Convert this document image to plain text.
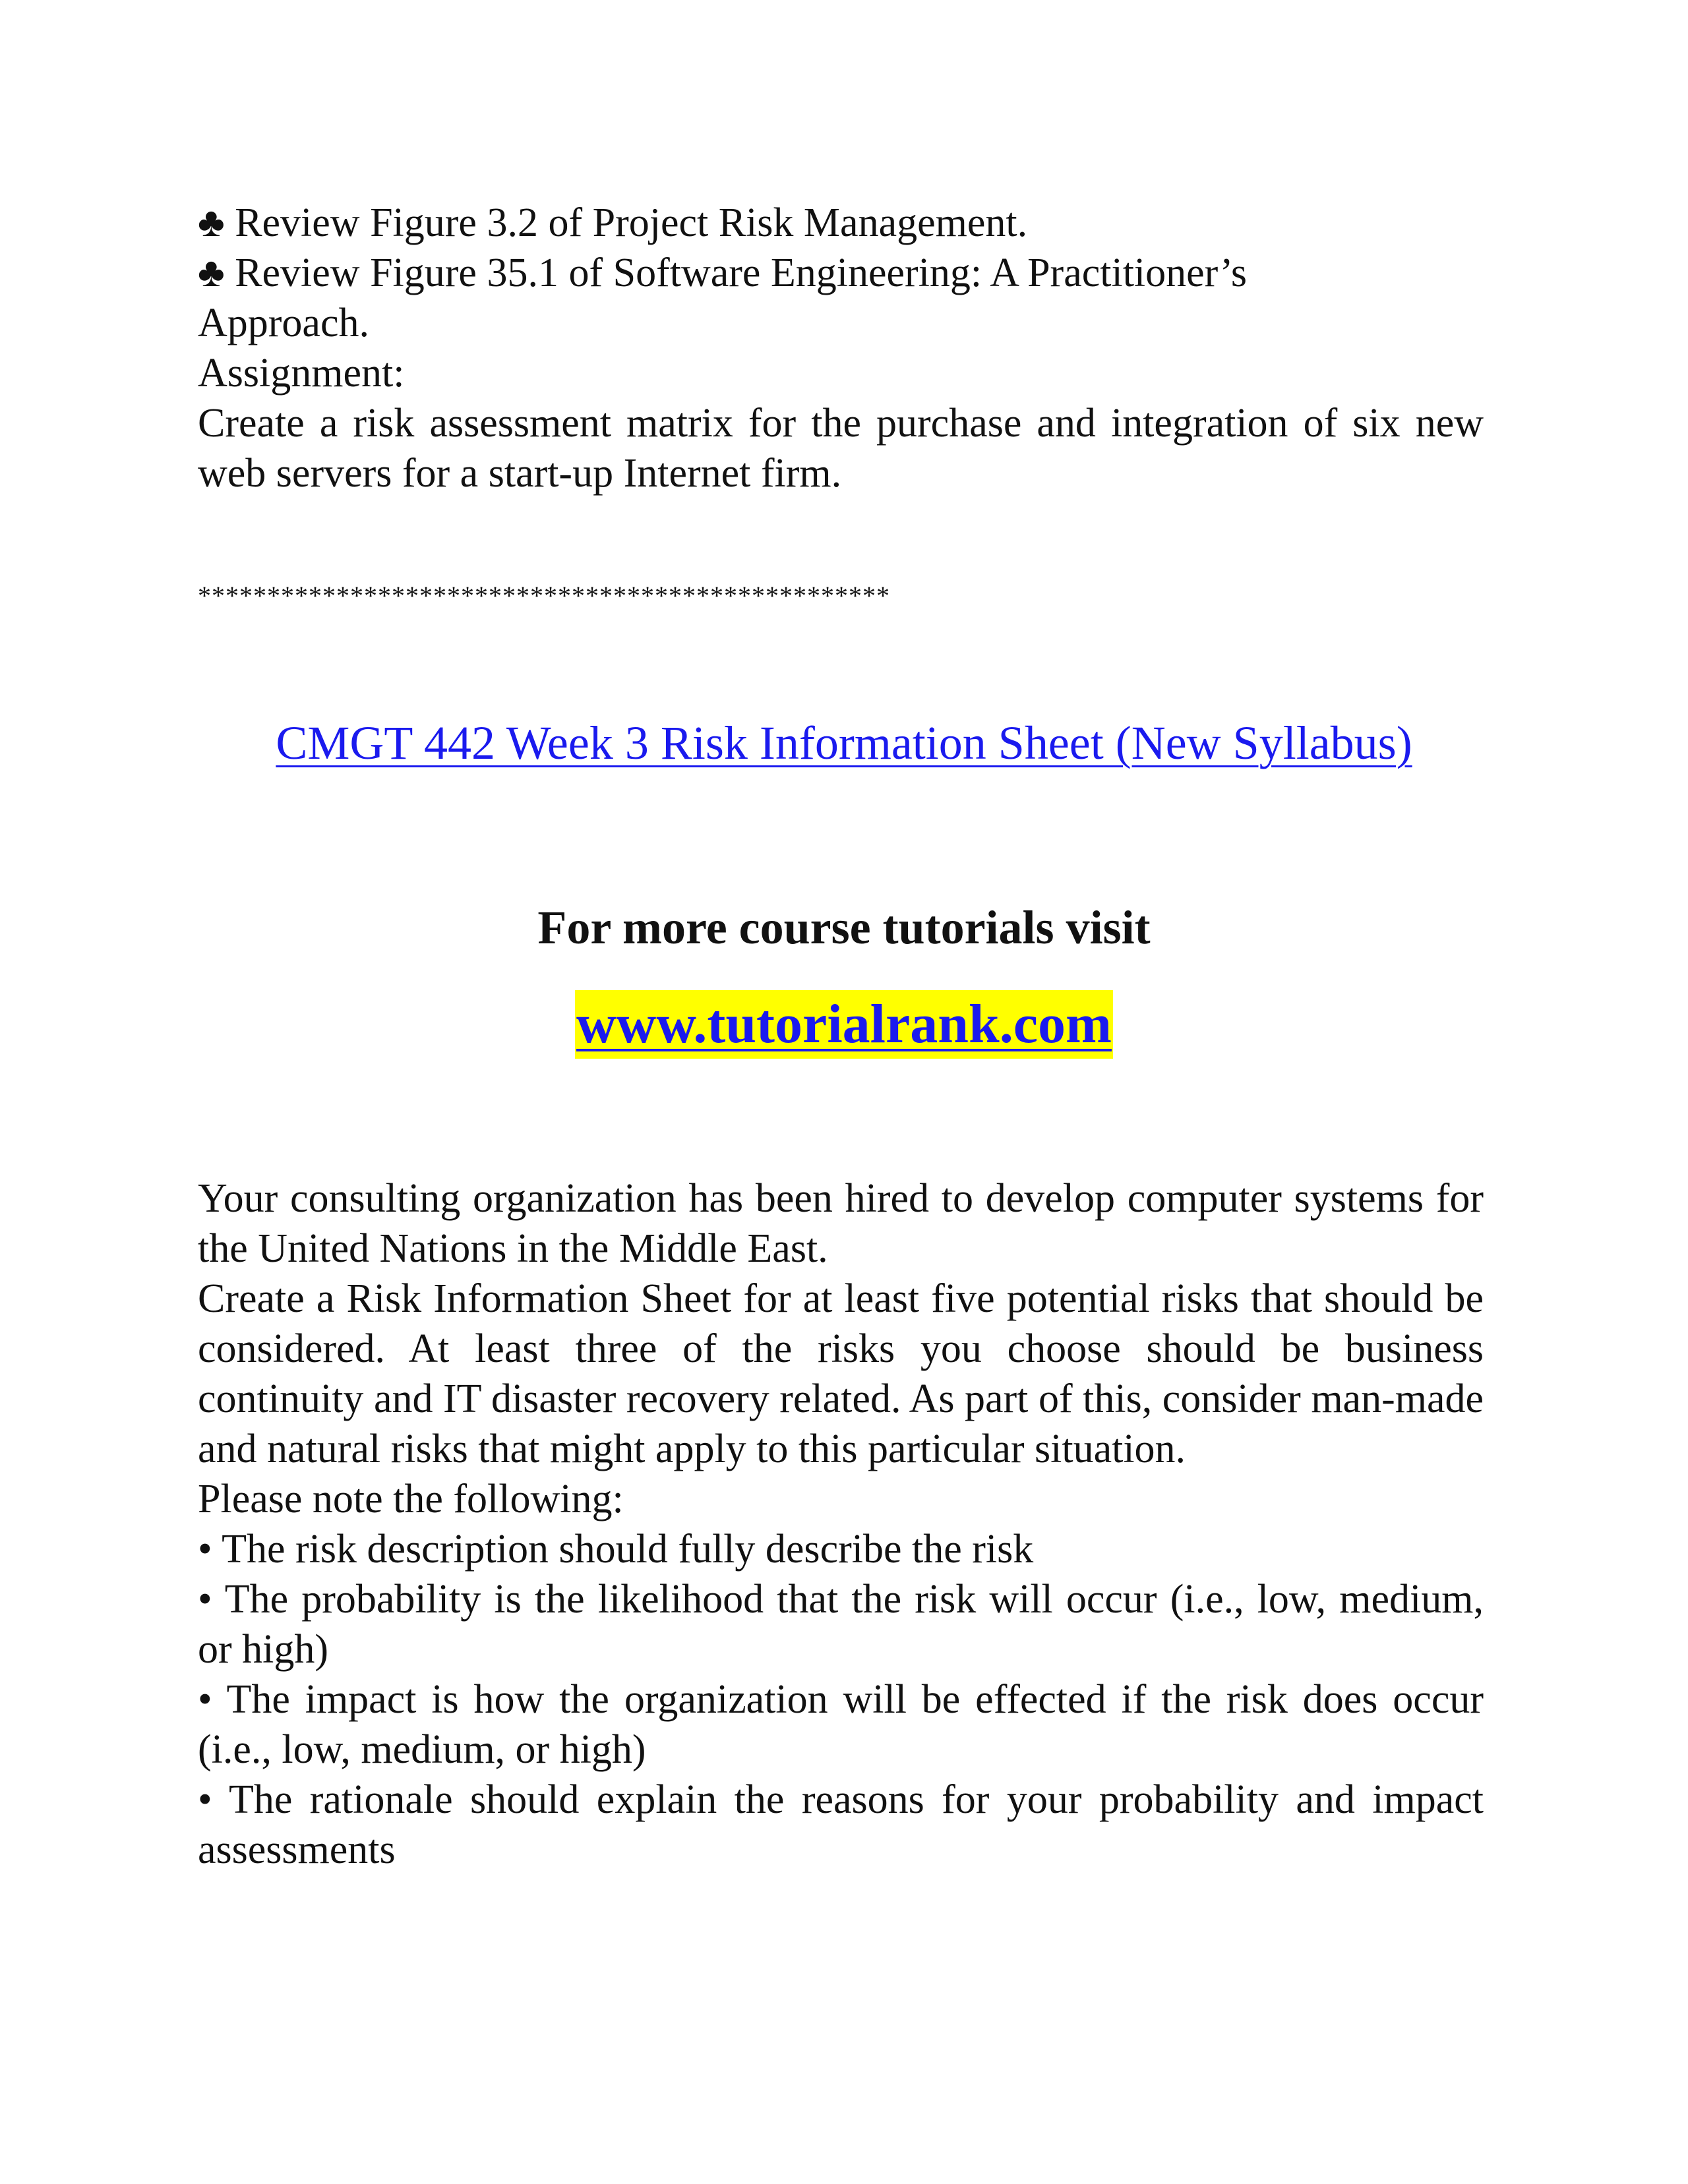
♣ Review Figure 3.2 of Project Risk Management.
♣ Review Figure 35.1 of Software Engineering: A Practitioner’s
Approach.
Assignment:
Create a risk assessment matrix for the purchase and integration of six new web servers for a start-up Internet firm.
**************************************************
CMGT 442 Week 3 Risk Information Sheet (New Syllabus)
For more course tutorials visit
www.tutorialrank.com
Your consulting organization has been hired to develop computer systems for the United Nations in the Middle East.
Create a Risk Information Sheet for at least five potential risks that should be considered. At least three of the risks you choose should be business continuity and IT disaster recovery related. As part of this, consider man-made and natural risks that might apply to this particular situation.
Please note the following:
• The risk description should fully describe the risk
• The probability is the likelihood that the risk will occur (i.e., low, medium, or high)
• The impact is how the organization will be effected if the risk does occur (i.e., low, medium, or high)
• The rationale should explain the reasons for your probability and impact assessments
